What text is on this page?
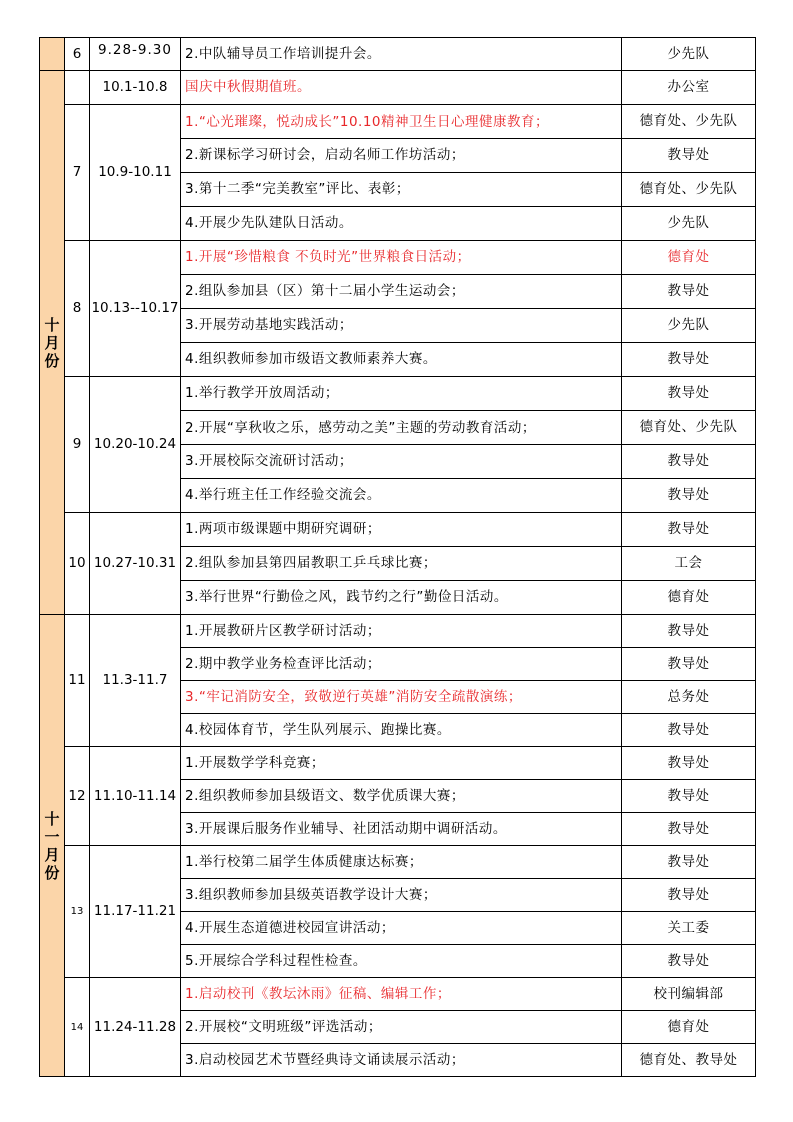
	6	9.28-9.30	2.中队辅导员工作培训提升会。	少先队
十月份		10.1-10.8	国庆中秋假期值班。	办公室
	7	10.9-10.11	1.“心光璀璨，悦动成长”10.10精神卫生日心理健康教育；	德育处、少先队
			2.新课标学习研讨会，启动名师工作坊活动；	教导处
			3.第十二季“完美教室”评比、表彰；	德育处、少先队
			4.开展少先队建队日活动。	少先队
	8	10.13--10.17	1.开展“珍惜粮食 不负时光”世界粮食日活动；	德育处
			2.组队参加县（区）第十二届小学生运动会；	教导处
			3.开展劳动基地实践活动；	少先队
			4.组织教师参加市级语文教师素养大赛。	教导处
	9	10.20-10.24	1.举行教学开放周活动；	教导处
			2.开展“享秋收之乐，感劳动之美”主题的劳动教育活动；	德育处、少先队
			3.开展校际交流研讨活动；	教导处
			4.举行班主任工作经验交流会。	教导处
	10	10.27-10.31	1.两项市级课题中期研究调研；	教导处
			2.组队参加县第四届教职工乒乓球比赛；	工会
			3.举行世界“行勤俭之风，践节约之行”勤俭日活动。	德育处
十一月份	11	11.3-11.7	1.开展教研片区教学研讨活动；	教导处
			2.期中教学业务检查评比活动；	教导处
			3.“牢记消防安全，致敬逆行英雄”消防安全疏散演练；	总务处
			4.校园体育节，学生队列展示、跑操比赛。	教导处
	12	11.10-11.14	1.开展数学学科竞赛；	教导处
			2.组织教师参加县级语文、数学优质课大赛；	教导处
			3.开展课后服务作业辅导、社团活动期中调研活动。	教导处
	13	11.17-11.21	1.举行校第二届学生体质健康达标赛；	教导处
			3.组织教师参加县级英语教学设计大赛；	教导处
			4.开展生态道德进校园宣讲活动；	关工委
			5.开展综合学科过程性检查。	教导处
	14	11.24-11.28	1.启动校刊《教坛沐雨》征稿、编辑工作；	校刊编辑部
			2.开展校“文明班级”评选活动；	德育处
			3.启动校园艺术节暨经典诗文诵读展示活动；	德育处、教导处
